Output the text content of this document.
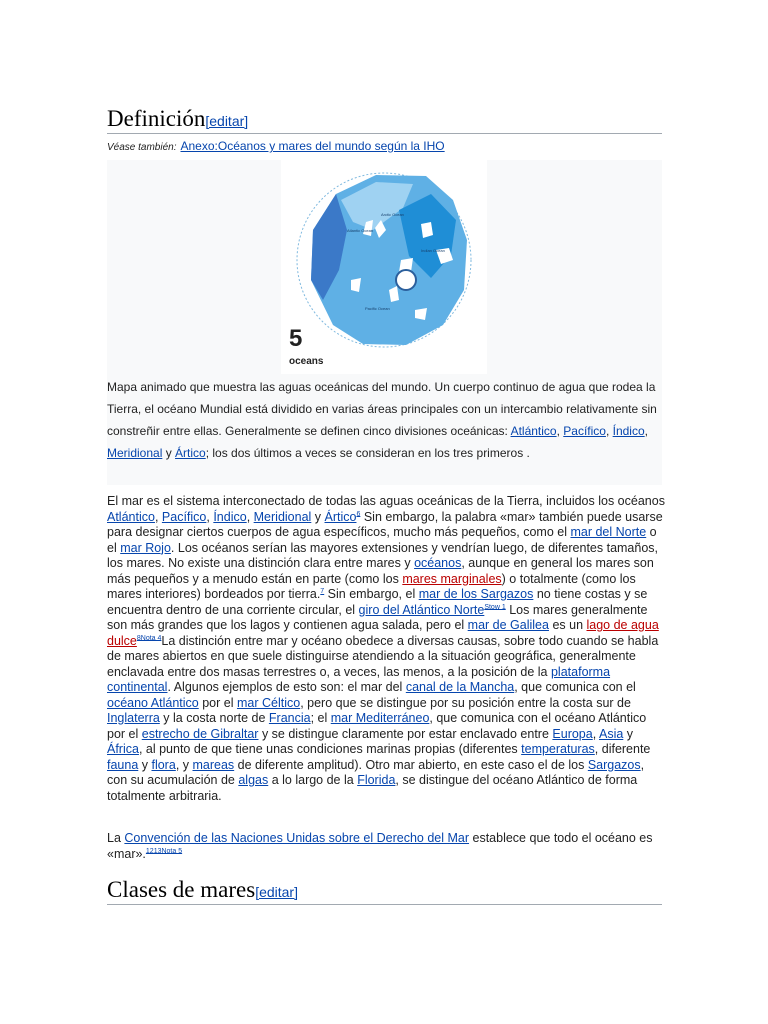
Definición[editar]
Véase también: Anexo:Océanos y mares del mundo según la IHO
Atlantic Ocean
Arctic Ocean
Indian Ocean
Pacific Ocean
5
oceans
Mapa animado que muestra las aguas oceánicas del mundo. Un cuerpo continuo de agua que rodea la Tierra, el océano Mundial está dividido en varias áreas principales con un intercambio relativamente sin constreñir entre ellas. Generalmente se definen cinco divisiones oceánicas: Atlántico, Pacífico, Índico, Meridional y Ártico; los dos últimos a veces se consideran en los tres primeros .

El mar es el sistema interconectado de todas las aguas oceánicas de la Tierra, incluidos los océanos Atlántico, Pacífico, Índico, Meridional y Ártico$^6$ Sin embargo, la palabra «mar» también puede usarse para designar ciertos cuerpos de agua específicos, mucho más pequeños, como el mar del Norte o el mar Rojo. Los océanos serían las mayores extensiones y vendrían luego, de diferentes tamaños, los mares. No existe una distinción clara entre mares y océanos, aunque en general los mares son más pequeños y a menudo están en parte (como los mares marginales) o totalmente (como los mares interiores) bordeados por tierra.$^7$ Sin embargo, el mar de los Sargazos no tiene costas y se encuentra dentro de una corriente circular, el giro del Atlántico Norte$^{Stow 1}$ Los mares generalmente son más grandes que los lagos y contienen agua salada, pero el mar de Galilea es un lago de agua dulce$^{8Nota 4}$La distinción entre mar y océano obedece a diversas causas, sobre todo cuando se habla de mares abiertos en que suele distinguirse atendiendo a la situación geográfica, generalmente enclavada entre dos masas terrestres o, a veces, las menos, a la posición de la plataforma continental. Algunos ejemplos de esto son: el mar del canal de la Mancha, que comunica con el océano Atlántico por el mar Céltico, pero que se distingue por su posición entre la costa sur de Inglaterra y la costa norte de Francia; el mar Mediterráneo, que comunica con el océano Atlántico por el estrecho de Gibraltar y se distingue claramente por estar enclavado entre Europa, Asia y África, al punto de que tiene unas condiciones marinas propias (diferentes temperaturas, diferente fauna y flora, y mareas de diferente amplitud). Otro mar abierto, en este caso el de los Sargazos, con su acumulación de algas a lo largo de la Florida, se distingue del océano Atlántico de forma totalmente arbitraria.

La Convención de las Naciones Unidas sobre el Derecho del Mar establece que todo el océano es «mar».$^{1213Nota 5}$

Clases de mares[editar]
